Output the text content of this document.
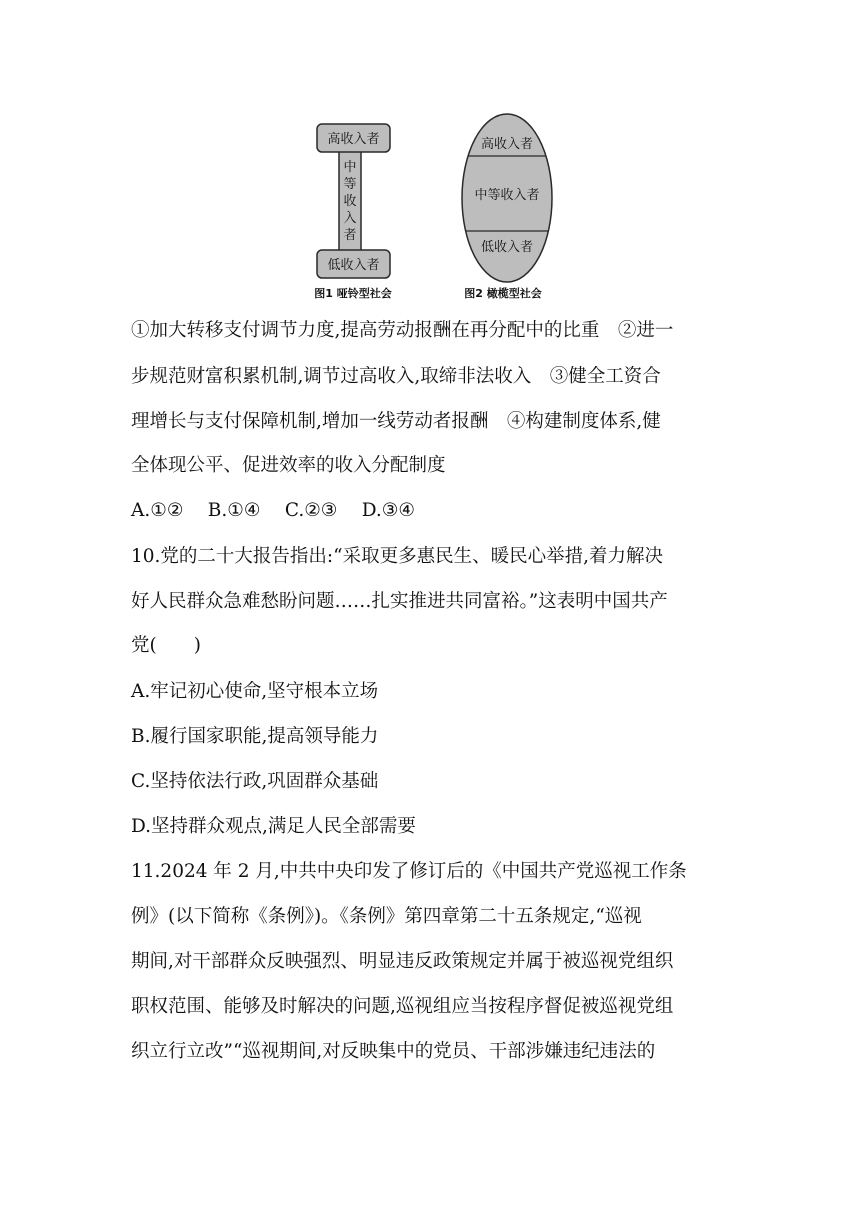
高收入者
中
等
收
入
者
低收入者
图1 哑铃型社会
高收入者
中等收入者
低收入者
图2 橄榄型社会
①加大转移支付调节力度,提高劳动报酬在再分配中的比重　②进一
步规范财富积累机制,调节过高收入,取缔非法收入　③健全工资合
理增长与支付保障机制,增加一线劳动者报酬　④构建制度体系,健
全体现公平、促进效率的收入分配制度
A.①②　 B.①④　 C.②③　 D.③④
10.党的二十大报告指出:“采取更多惠民生、暖民心举措,着力解决
好人民群众急难愁盼问题……扎实推进共同富裕。”这表明中国共产
党(　　)
A.牢记初心使命,坚守根本立场
B.履行国家职能,提高领导能力
C.坚持依法行政,巩固群众基础
D.坚持群众观点,满足人民全部需要
11.2024 年 2 月,中共中央印发了修订后的《中国共产党巡视工作条
例》(以下简称《条例》)。《条例》第四章第二十五条规定,“巡视
期间,对干部群众反映强烈、明显违反政策规定并属于被巡视党组织
职权范围、能够及时解决的问题,巡视组应当按程序督促被巡视党组
织立行立改”“巡视期间,对反映集中的党员、干部涉嫌违纪违法的
